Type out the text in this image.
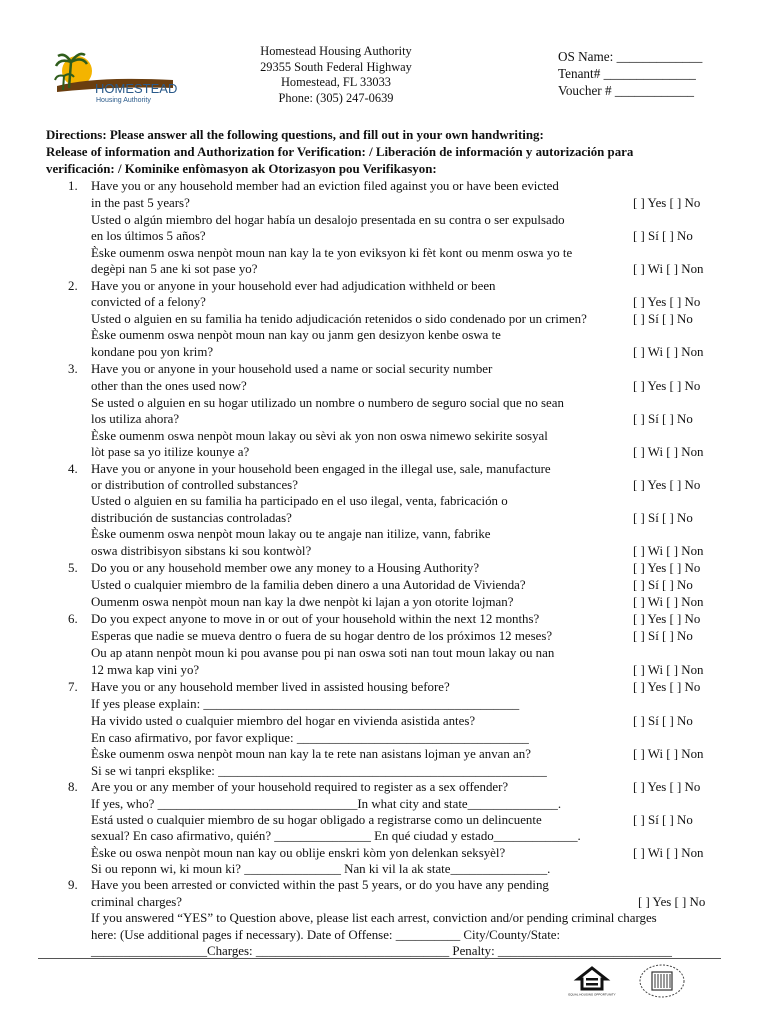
HOMESTEAD
Housing Authority
Homestead Housing Authority
29355 South Federal Highway
Homestead, FL 33033
Phone: (305) 247-0639
OS Name: _____________
Tenant# ______________
Voucher # ____________
Directions: Please answer all the following questions, and fill out in your own handwriting:
Release of information and Authorization for Verification: / Liberación de información y autorización para
verificación: / Kominike enfòmasyon ak Otorizasyon pou Verifikasyon:
1.
2.
3.
4.
5.
6.
7.
8.
9.
Have you or any household member had an eviction filed against you or have been evicted
in the past 5 years?
Usted o algún miembro del hogar había un desalojo presentada en su contra o ser expulsado
en los últimos 5 años?
Èske oumenm oswa nenpòt moun nan kay la te yon eviksyon ki fèt kont ou menm oswa yo te
degèpi nan 5 ane ki sot pase yo?
Have you or anyone in your household ever had adjudication withheld or been
convicted of a felony?
Usted o alguien en su familia ha tenido adjudicación retenidos o sido condenado por un crimen?
Èske oumenm oswa nenpòt moun nan kay ou janm gen desizyon kenbe oswa te
kondane pou yon krim?
Have you or anyone in your household used a name or social security number
other than the ones used now?
Se usted o alguien en su hogar utilizado un nombre o numbero de seguro social que no sean
los utiliza ahora?
Èske oumenm oswa nenpòt moun lakay ou sèvi ak yon non oswa nimewo sekirite sosyal
lòt pase sa yo itilize kounye a?
Have you or anyone in your household been engaged in the illegal use, sale, manufacture
or distribution of controlled substances?
Usted o alguien en su familia ha participado en el uso ilegal, venta, fabricación o
distribución de sustancias controladas?
Èske oumenm oswa nenpòt moun lakay ou te angaje nan itilize, vann, fabrike
oswa distribisyon sibstans ki sou kontwòl?
Do you or any household member owe any money to a Housing Authority?
Usted o cualquier miembro de la familia deben dinero a una Autoridad de Vivienda?
Oumenm oswa nenpòt moun nan kay la dwe nenpòt ki lajan a yon otorite lojman?
Do you expect anyone to move in or out of your household within the next 12 months?
Esperas que nadie se mueva dentro o fuera de su hogar dentro de los próximos 12 meses?
Ou ap atann nenpòt moun ki pou avanse pou pi nan oswa soti nan tout moun lakay ou nan
12 mwa kap vini yo?
Have you or any household member lived in assisted housing before?
If yes please explain: _________________________________________________
Ha vivido usted o cualquier miembro del hogar en vivienda asistida antes?
En caso afirmativo, por favor explique: ____________________________________
Èske oumenm oswa nenpòt moun nan kay la te rete nan asistans lojman ye anvan an?
Si se wi tanpri eksplike: ___________________________________________________
Are you or any member of your household required to register as a sex offender?
If yes, who? _______________________________In what city and state______________.
Está usted o cualquier miembro de su hogar obligado a registrarse como un delincuente
sexual? En caso afirmativo, quién? _______________ En qué ciudad y estado_____________.
Èske ou oswa nenpòt moun nan kay ou oblije enskri kòm yon delenkan seksyèl?
Si ou reponn wi, ki moun ki? _______________ Nan ki vil la ak state_______________.
Have you been arrested or convicted within the past 5 years, or do you have any pending
criminal charges?
If you answered “YES” to Question above, please list each arrest, conviction and/or pending criminal charges
here: (Use additional pages if necessary). Date of Offense: __________ City/County/State:
__________________Charges: ______________________________ Penalty: ___________________________
[ ] Yes [ ] No
[ ] Sí [ ] No
[ ] Wi [ ] Non
[ ] Yes [ ] No
[ ] Sí [ ] No
[ ] Wi [ ] Non
[ ] Yes [ ] No
[ ] Sí [ ] No
[ ] Wi [ ] Non
[ ] Yes [ ] No
[ ] Sí [ ] No
[ ] Wi [ ] Non
[ ] Yes [ ] No
[ ] Sí [ ] No
[ ] Wi [ ] Non
[ ] Yes [ ] No
[ ] Sí [ ] No
[ ] Wi [ ] Non
[ ] Yes [ ] No
[ ] Sí [ ] No
[ ] Wi [ ] Non
[ ] Yes [ ] No
[ ] Sí [ ] No
[ ] Wi [ ] Non
[ ] Yes [ ] No
EQUAL HOUSING OPPORTUNITY
